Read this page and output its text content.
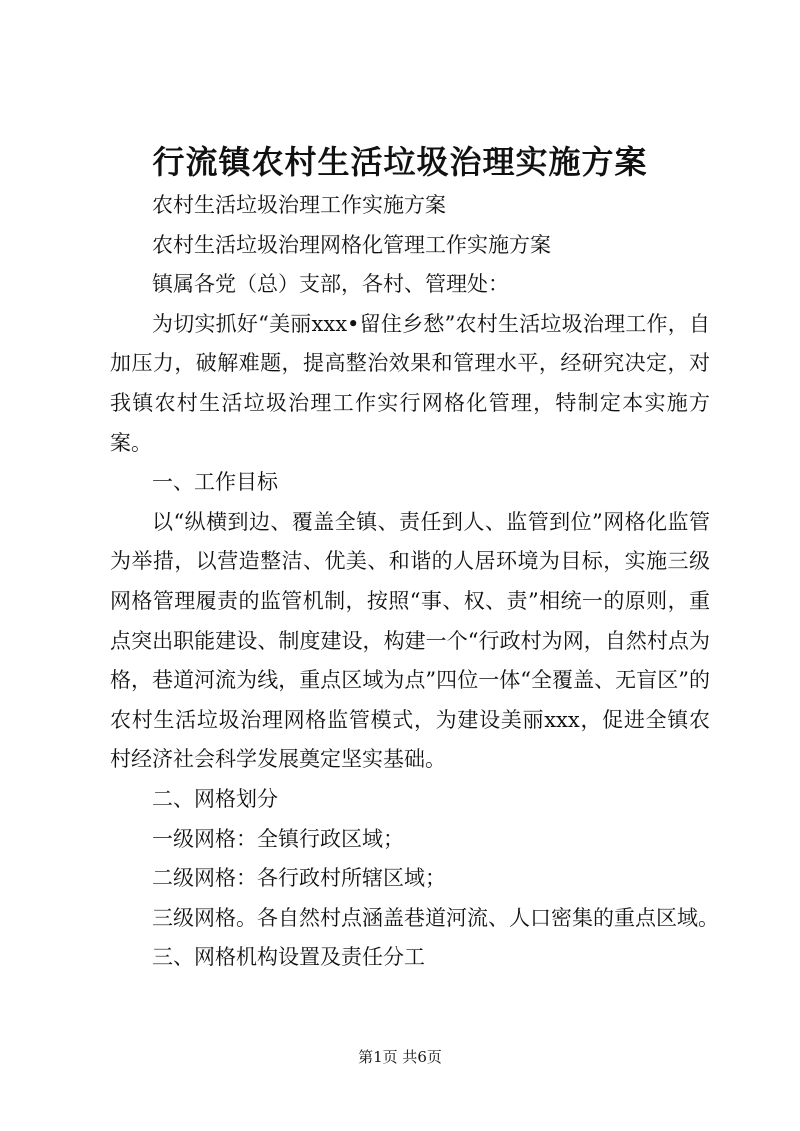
行流镇农村生活垃圾治理实施方案

农村生活垃圾治理工作实施方案

农村生活垃圾治理网格化管理工作实施方案

镇属各党（总）支部，各村、管理处：

为切实抓好“美丽xxx•留住乡愁”农村生活垃圾治理工作，自加压力，破解难题，提高整治效果和管理水平，经研究决定，对我镇农村生活垃圾治理工作实行网格化管理，特制定本实施方案。

一、工作目标

以“纵横到边、覆盖全镇、责任到人、监管到位”网格化监管为举措，以营造整洁、优美、和谐的人居环境为目标，实施三级网格管理履责的监管机制，按照“事、权、责”相统一的原则，重点突出职能建设、制度建设，构建一个“行政村为网，自然村点为格，巷道河流为线，重点区域为点”四位一体“全覆盖、无盲区”的农村生活垃圾治理网格监管模式，为建设美丽xxx，促进全镇农村经济社会科学发展奠定坚实基础。

二、网格划分

一级网格：全镇行政区域；

二级网格：各行政村所辖区域；

三级网格。各自然村点涵盖巷道河流、人口密集的重点区域。

三、网格机构设置及责任分工

第1页 共6页
